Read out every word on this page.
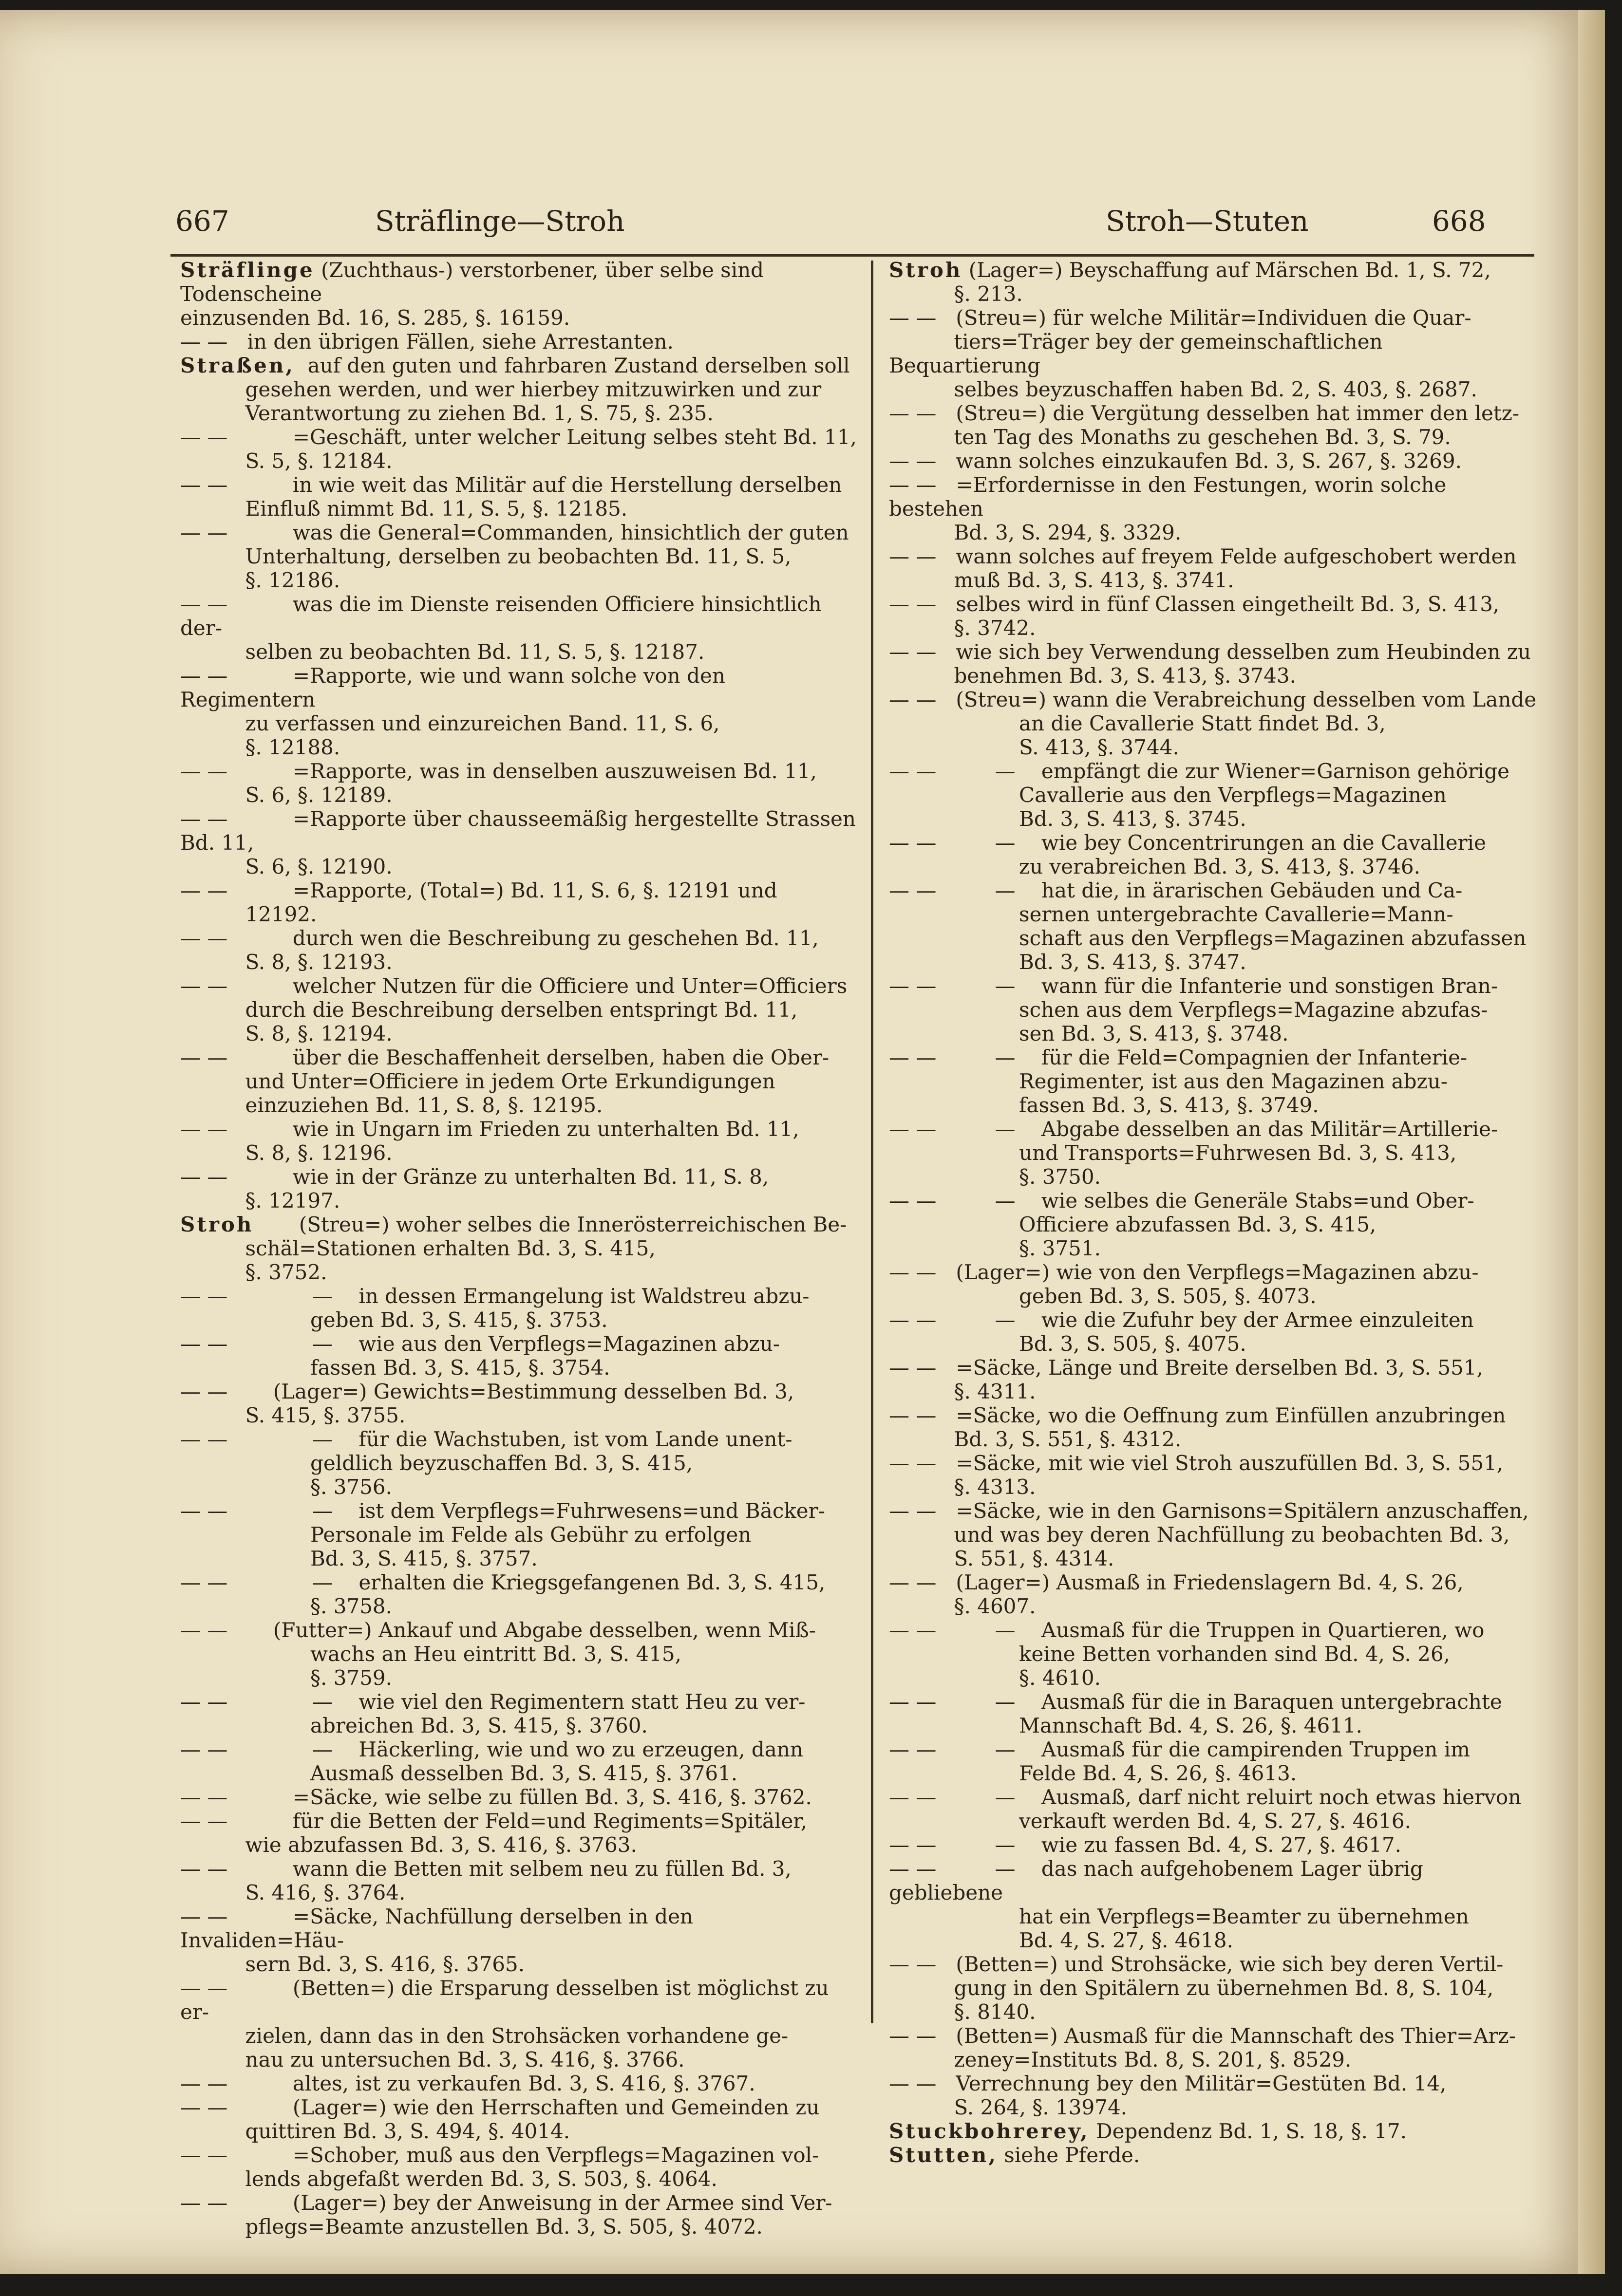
667	Sträflinge—Stroh	Stroh—Stuten	668

Sträflinge (Zuchthaus-) verstorbener, über selbe sind Todenscheine
einzusenden Bd. 16, S. 285, §. 16159.

— —   in den übrigen Fällen, siehe Arrestanten.

Straßen,  auf den guten und fahrbaren Zustand derselben soll
gesehen werden, und wer hierbey mitzuwirken und zur
Verantwortung zu ziehen Bd. 1, S. 75, §. 235.

— —	=Geschäft, unter welcher Leitung selbes steht Bd. 11,
S. 5, §. 12184.

— —	in wie weit das Militär auf die Herstellung derselben
Einfluß nimmt Bd. 11, S. 5, §. 12185.

— —	was die General=Commanden, hinsichtlich der guten
Unterhaltung, derselben zu beobachten Bd. 11, S. 5,
§. 12186.

— —	was die im Dienste reisenden Officiere hinsichtlich der-
selben zu beobachten Bd. 11, S. 5, §. 12187.

— —	=Rapporte, wie und wann solche von den Regimentern
zu verfassen und einzureichen Band. 11, S. 6,
§. 12188.

— —	=Rapporte, was in denselben auszuweisen Bd. 11,
S. 6, §. 12189.

— —	=Rapporte über chausseemäßig hergestellte Strassen Bd. 11,
S. 6, §. 12190.

— —	=Rapporte, (Total=) Bd. 11, S. 6, §. 12191 und
12192.

— —	durch wen die Beschreibung zu geschehen Bd. 11,
S. 8, §. 12193.

— —	welcher Nutzen für die Officiere und Unter=Officiers
durch die Beschreibung derselben entspringt Bd. 11,
S. 8, §. 12194.

— —	über die Beschaffenheit derselben, haben die Ober-
und Unter=Officiere in jedem Orte Erkundigungen
einzuziehen Bd. 11, S. 8, §. 12195.

— —	wie in Ungarn im Frieden zu unterhalten Bd. 11,
S. 8, §. 12196.

— —	wie in der Gränze zu unterhalten Bd. 11, S. 8,
§. 12197.

Stroh       (Streu=) woher selbes die Innerösterreichischen Be-
schäl=Stationen erhalten Bd. 3, S. 415,
§. 3752.

— —	—    in dessen Ermangelung ist Waldstreu abzu-
geben Bd. 3, S. 415, §. 3753.

— —	—    wie aus den Verpflegs=Magazinen abzu-
fassen Bd. 3, S. 415, §. 3754.

— —       (Lager=) Gewichts=Bestimmung desselben Bd. 3,
S. 415, §. 3755.

— —	—    für die Wachstuben, ist vom Lande unent-
geldlich beyzuschaffen Bd. 3, S. 415,
§. 3756.

— —	—    ist dem Verpflegs=Fuhrwesens=und Bäcker-
Personale im Felde als Gebühr zu erfolgen
Bd. 3, S. 415, §. 3757.

— —	—    erhalten die Kriegsgefangenen Bd. 3, S. 415,
§. 3758.

— —       (Futter=) Ankauf und Abgabe desselben, wenn Miß-
wachs an Heu eintritt Bd. 3, S. 415,
§. 3759.

— —	—    wie viel den Regimentern statt Heu zu ver-
abreichen Bd. 3, S. 415, §. 3760.

— —	—    Häckerling, wie und wo zu erzeugen, dann
Ausmaß desselben Bd. 3, S. 415, §. 3761.

— —          =Säcke, wie selbe zu füllen Bd. 3, S. 416, §. 3762.

— —	für die Betten der Feld=und Regiments=Spitäler,
wie abzufassen Bd. 3, S. 416, §. 3763.

— —	wann die Betten mit selbem neu zu füllen Bd. 3,
S. 416, §. 3764.

— —	=Säcke, Nachfüllung derselben in den Invaliden=Häu-
sern Bd. 3, S. 416, §. 3765.

— —	(Betten=) die Ersparung desselben ist möglichst zu er-
zielen, dann das in den Strohsäcken vorhandene ge-
nau zu untersuchen Bd. 3, S. 416, §. 3766.

— —          altes, ist zu verkaufen Bd. 3, S. 416, §. 3767.

— —	(Lager=) wie den Herrschaften und Gemeinden zu
quittiren Bd. 3, S. 494, §. 4014.

— —	=Schober, muß aus den Verpflegs=Magazinen vol-
lends abgefaßt werden Bd. 3, S. 503, §. 4064.

— —	(Lager=) bey der Anweisung in der Armee sind Ver-
pflegs=Beamte anzustellen Bd. 3, S. 505, §. 4072.

Stroh (Lager=) Beyschaffung auf Märschen Bd. 1, S. 72,
§. 213.

— —   (Streu=) für welche Militär=Individuen die Quar-
tiers=Träger bey der gemeinschaftlichen Bequartierung
selbes beyzuschaffen haben Bd. 2, S. 403, §. 2687.

— —   (Streu=) die Vergütung desselben hat immer den letz-
ten Tag des Monaths zu geschehen Bd. 3, S. 79.

— —   wann solches einzukaufen Bd. 3, S. 267, §. 3269.

— —   =Erfordernisse in den Festungen, worin solche bestehen
Bd. 3, S. 294, §. 3329.

— —   wann solches auf freyem Felde aufgeschobert werden
muß Bd. 3, S. 413, §. 3741.

— —   selbes wird in fünf Classen eingetheilt Bd. 3, S. 413,
§. 3742.

— —   wie sich bey Verwendung desselben zum Heubinden zu
benehmen Bd. 3, S. 413, §. 3743.

— —   (Streu=) wann die Verabreichung desselben vom Lande
an die Cavallerie Statt findet Bd. 3,
S. 413, §. 3744.

— —	—    empfängt die zur Wiener=Garnison gehörige
Cavallerie aus den Verpflegs=Magazinen
Bd. 3, S. 413, §. 3745.

— —	—    wie bey Concentrirungen an die Cavallerie
zu verabreichen Bd. 3, S. 413, §. 3746.

— —	—    hat die, in ärarischen Gebäuden und Ca-
sernen untergebrachte Cavallerie=Mann-
schaft aus den Verpflegs=Magazinen abzufassen
Bd. 3, S. 413, §. 3747.

— —	—    wann für die Infanterie und sonstigen Bran-
schen aus dem Verpflegs=Magazine abzufas-
sen Bd. 3, S. 413, §. 3748.

— —	—    für die Feld=Compagnien der Infanterie-
Regimenter, ist aus den Magazinen abzu-
fassen Bd. 3, S. 413, §. 3749.

— —	—    Abgabe desselben an das Militär=Artillerie-
und Transports=Fuhrwesen Bd. 3, S. 413,
§. 3750.

— —	—    wie selbes die Generäle Stabs=und Ober-
Officiere abzufassen Bd. 3, S. 415,
§. 3751.

— —   (Lager=) wie von den Verpflegs=Magazinen abzu-
geben Bd. 3, S. 505, §. 4073.

— —	—    wie die Zufuhr bey der Armee einzuleiten
Bd. 3, S. 505, §. 4075.

— —   =Säcke, Länge und Breite derselben Bd. 3, S. 551,
§. 4311.

— —   =Säcke, wo die Oeffnung zum Einfüllen anzubringen
Bd. 3, S. 551, §. 4312.

— —   =Säcke, mit wie viel Stroh auszufüllen Bd. 3, S. 551,
§. 4313.

— —   =Säcke, wie in den Garnisons=Spitälern anzuschaffen,
und was bey deren Nachfüllung zu beobachten Bd. 3,
S. 551, §. 4314.

— —   (Lager=) Ausmaß in Friedenslagern Bd. 4, S. 26,
§. 4607.

— —	—    Ausmaß für die Truppen in Quartieren, wo
keine Betten vorhanden sind Bd. 4, S. 26,
§. 4610.

— —	—    Ausmaß für die in Baraquen untergebrachte
Mannschaft Bd. 4, S. 26, §. 4611.

— —	—    Ausmaß für die campirenden Truppen im
Felde Bd. 4, S. 26, §. 4613.

— —	—    Ausmaß, darf nicht reluirt noch etwas hiervon
verkauft werden Bd. 4, S. 27, §. 4616.

— —         —    wie zu fassen Bd. 4, S. 27, §. 4617.

— —	—    das nach aufgehobenem Lager übrig gebliebene
hat ein Verpflegs=Beamter zu übernehmen
Bd. 4, S. 27, §. 4618.

— —   (Betten=) und Strohsäcke, wie sich bey deren Vertil-
gung in den Spitälern zu übernehmen Bd. 8, S. 104,
§. 8140.

— —   (Betten=) Ausmaß für die Mannschaft des Thier=Arz-
zeney=Instituts Bd. 8, S. 201, §. 8529.

— —   Verrechnung bey den Militär=Gestüten Bd. 14,
S. 264, §. 13974.

Stuckbohrerey, Dependenz Bd. 1, S. 18, §. 17.

Stutten, siehe Pferde.
